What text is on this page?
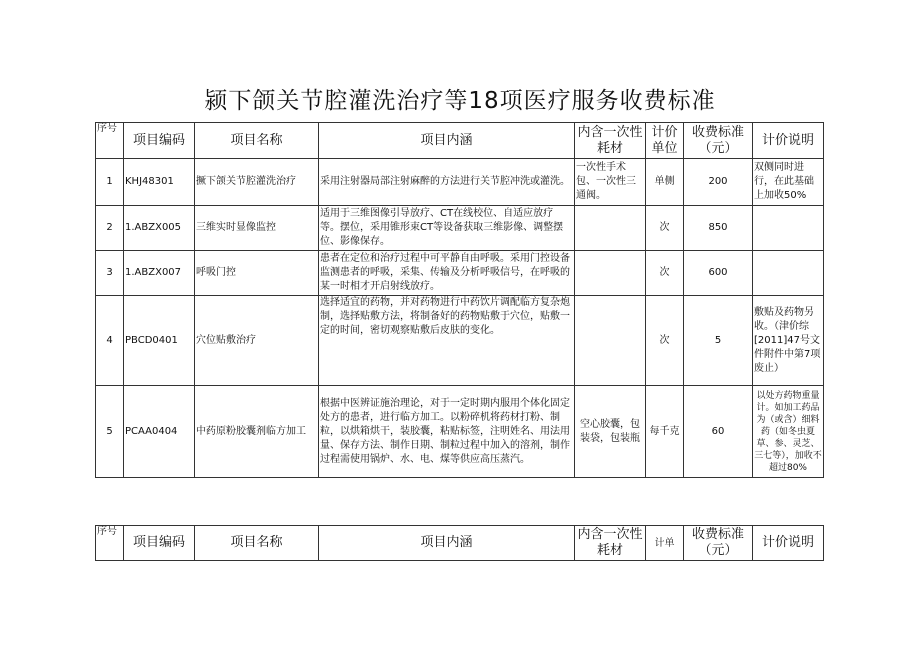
颍下颌关节腔灌洗治疗等18项医疗服务收费标准
序号	项目编码	项目名称	项目内涵	内含一次性耗材	计价单位	收费标准（元）	计价说明
1	KHJ48301	撅下颌关节腔灌洗治疗	采用注射器局部注射麻醉的方法进行关节腔冲洗或灌洗。	一次性手术包、一次性三通阀。	单侧	200	双侧同时进行，在此基础上加收50%
2	1.ABZX005	三维实时显像监控	适用于三维图像引导放疗、CT在线校位、自适应放疗等。摆位，采用锥形束CT等设备获取三维影像、调整摆位、影像保存。		次	850	
3	1.ABZX007	呼吸门控	患者在定位和治疗过程中可平静自由呼吸。采用门控设备监测患者的呼吸，采集、传输及分析呼吸信号，在呼吸的某一时相才开启射线放疗。		次	600	
4	PBCD0401	穴位贴敷治疗	选择适宜的药物，并对药物进行中药饮片调配临方复杂炮制，选择贴敷方法，将制备好的药物贴敷于穴位，贴敷一定的时间，密切观察贴敷后皮肤的变化。		次	5	敷贴及药物另收。（津价综[2011]47号文件附件中第7项废止）
5	PCAA0404	中药原粉胶囊剂临方加工	根据中医辨证施治理论，对于一定时期内服用个体化固定处方的患者，进行临方加工。以粉碎机将药材打粉、制粒，以烘箱烘干，装胶囊，粘贴标签，注明姓名、用法用量、保存方法、制作日期、制粒过程中加入的溶剂，制作过程需使用锅炉、水、电、煤等供应高压蒸汽。	空心胶囊，包装袋，包装瓶	每千克	60	以处方药物重量计。如加工药品为（或含）细料药（如冬虫夏草、参、灵芝、三七等），加收不超过80%
序号	项目编码	项目名称	项目内涵	内含一次性耗材	计单	收费标准（元）	计价说明
